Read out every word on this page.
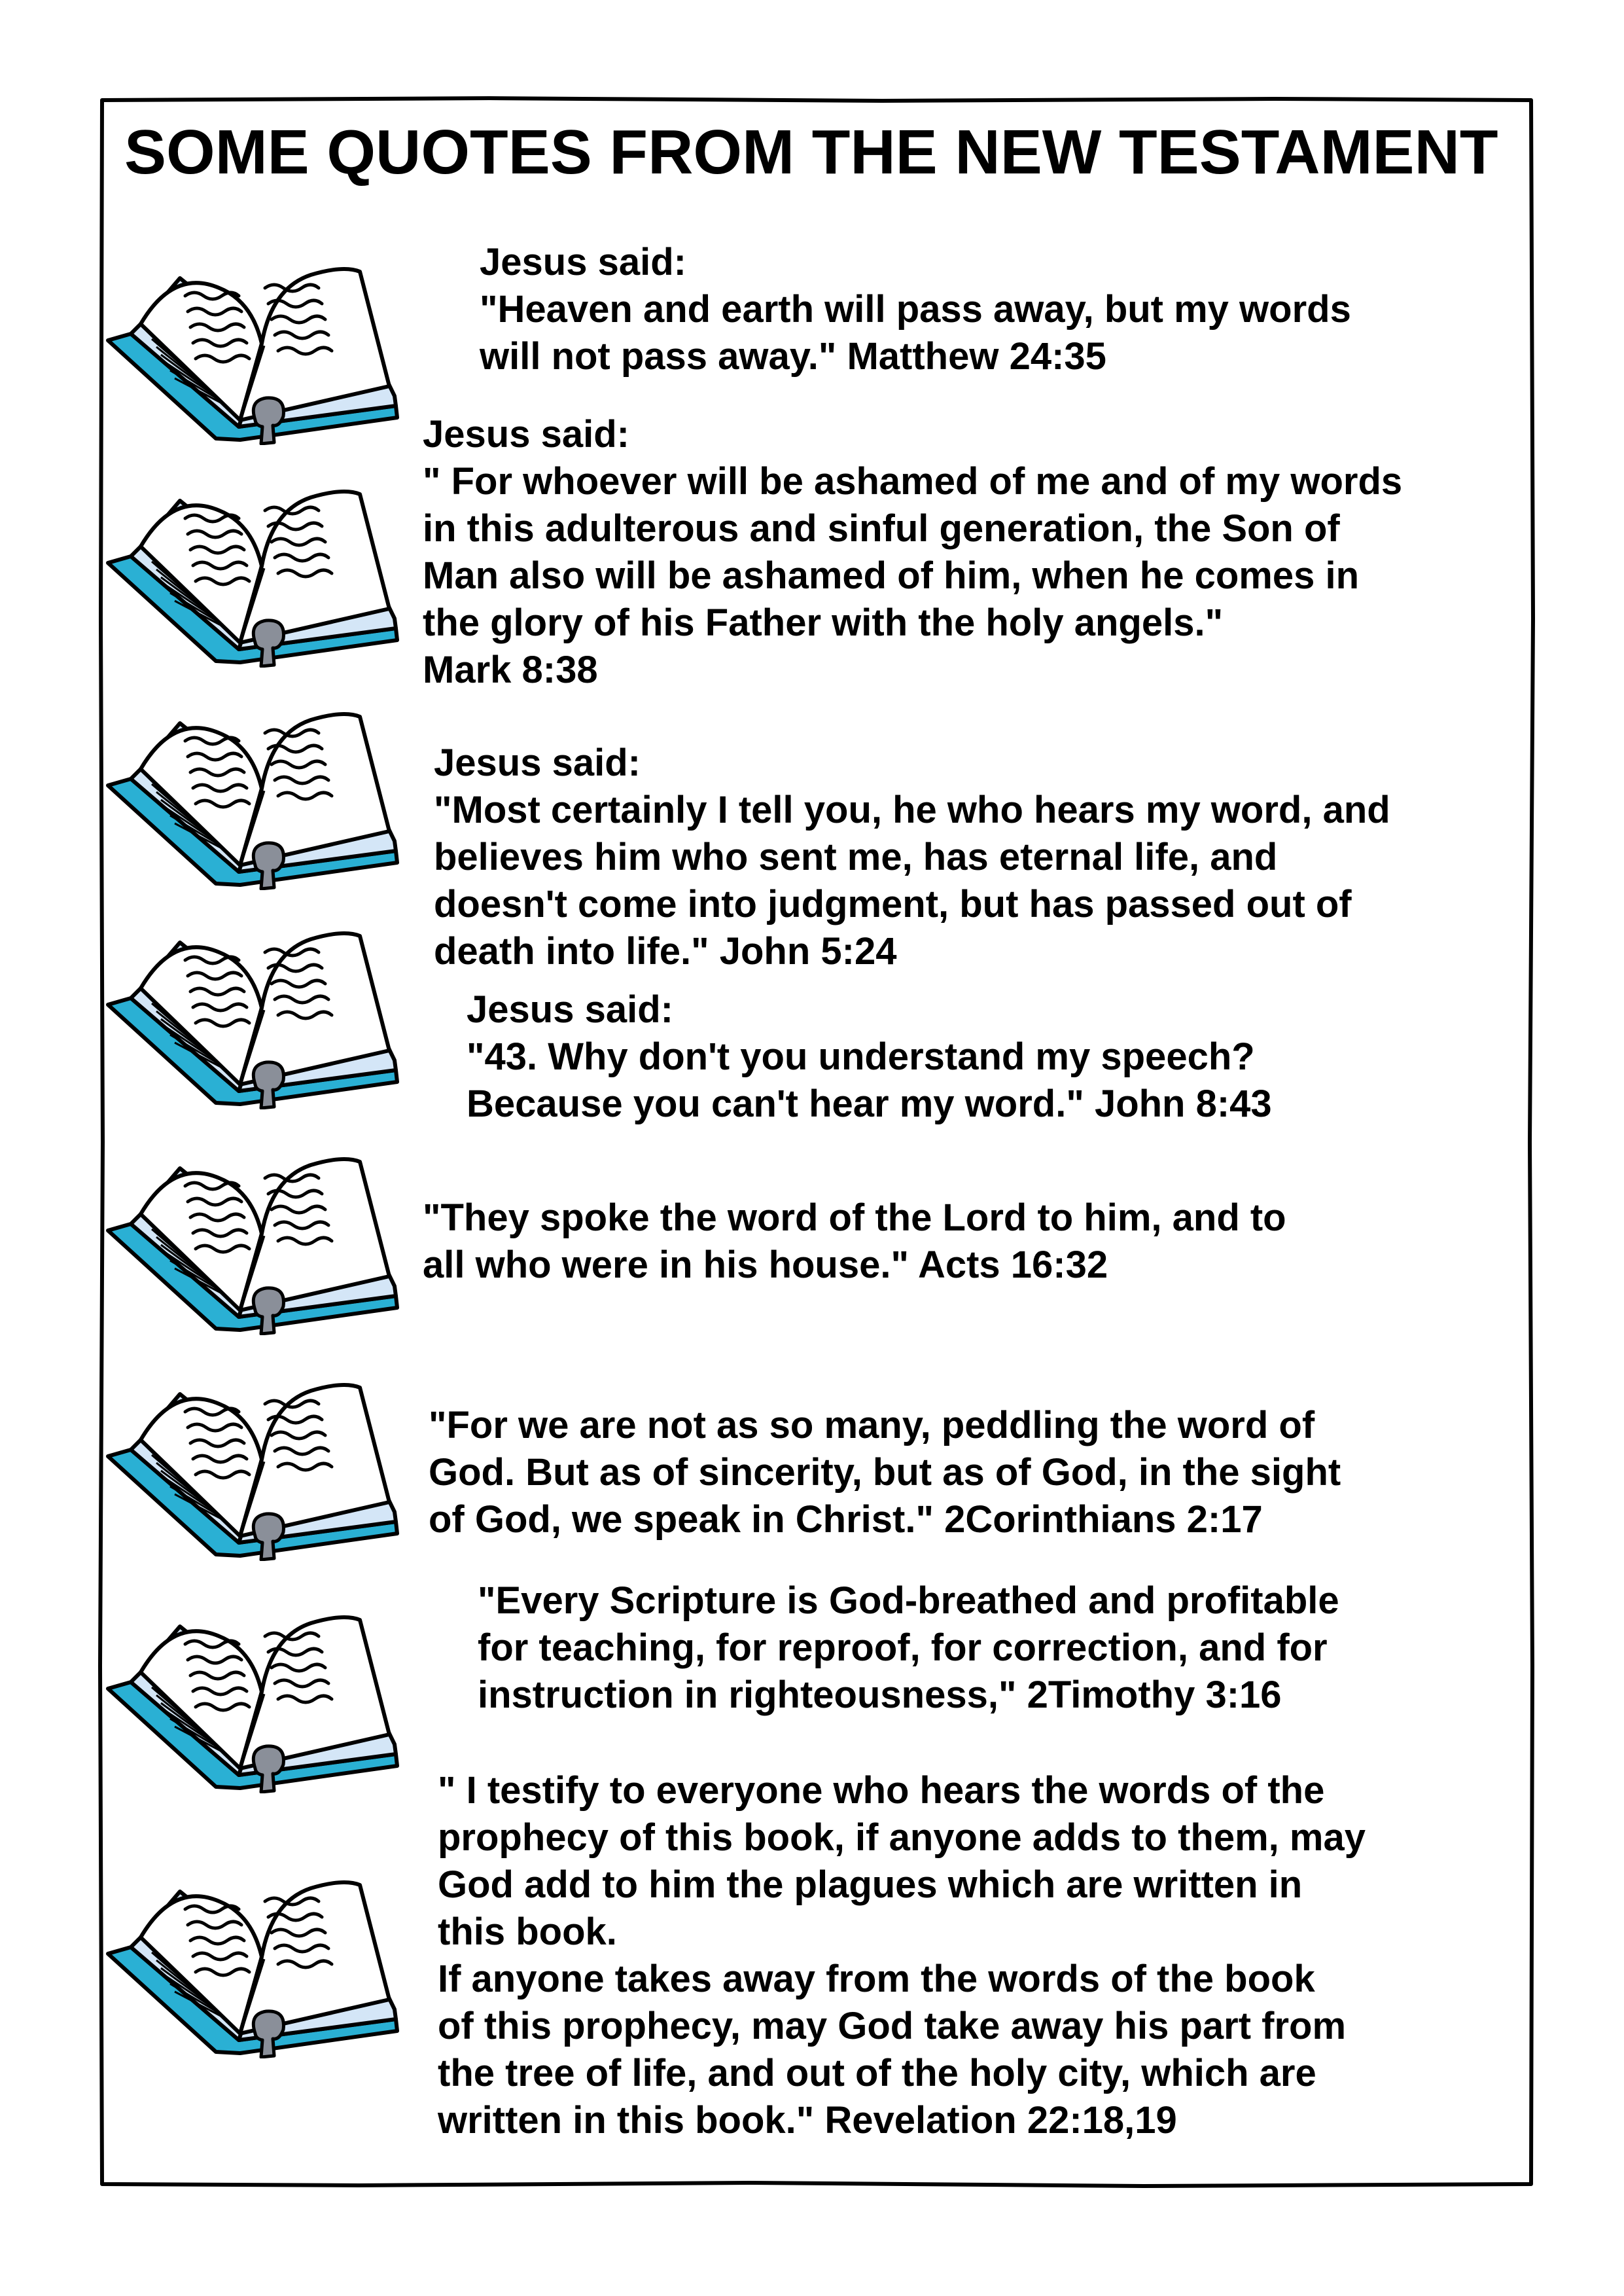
SOME QUOTES FROM THE NEW TESTAMENT
Jesus said:
"Heaven and earth will pass away, but my words
will not pass away." Matthew 24:35
Jesus said:
" For whoever will be ashamed of me and of my words
in this adulterous and sinful generation, the Son of
Man also will be ashamed of him, when he comes in
the glory of his Father with the holy angels."
Mark 8:38
Jesus said:
"Most certainly I tell you, he who hears my word, and
believes him who sent me, has eternal life, and
doesn't come into judgment, but has passed out of
death into life." John 5:24
Jesus said:
"43. Why don't you understand my speech?
Because you can't hear my word." John 8:43
"They spoke the word of the Lord to him, and to
all who were in his house." Acts 16:32
"For we are not as so many, peddling the word of
God. But as of sincerity, but as of God, in the sight
of God, we speak in Christ." 2Corinthians 2:17
"Every Scripture is God-breathed and profitable
for teaching, for reproof, for correction, and for
instruction in righteousness," 2Timothy 3:16
" I testify to everyone who hears the words of the
prophecy of this book, if anyone adds to them, may
God add to him the plagues which are written in
this book.
If anyone takes away from the words of the book
of this prophecy, may God take away his part from
the tree of life, and out of the holy city, which are
written in this book." Revelation 22:18,19
